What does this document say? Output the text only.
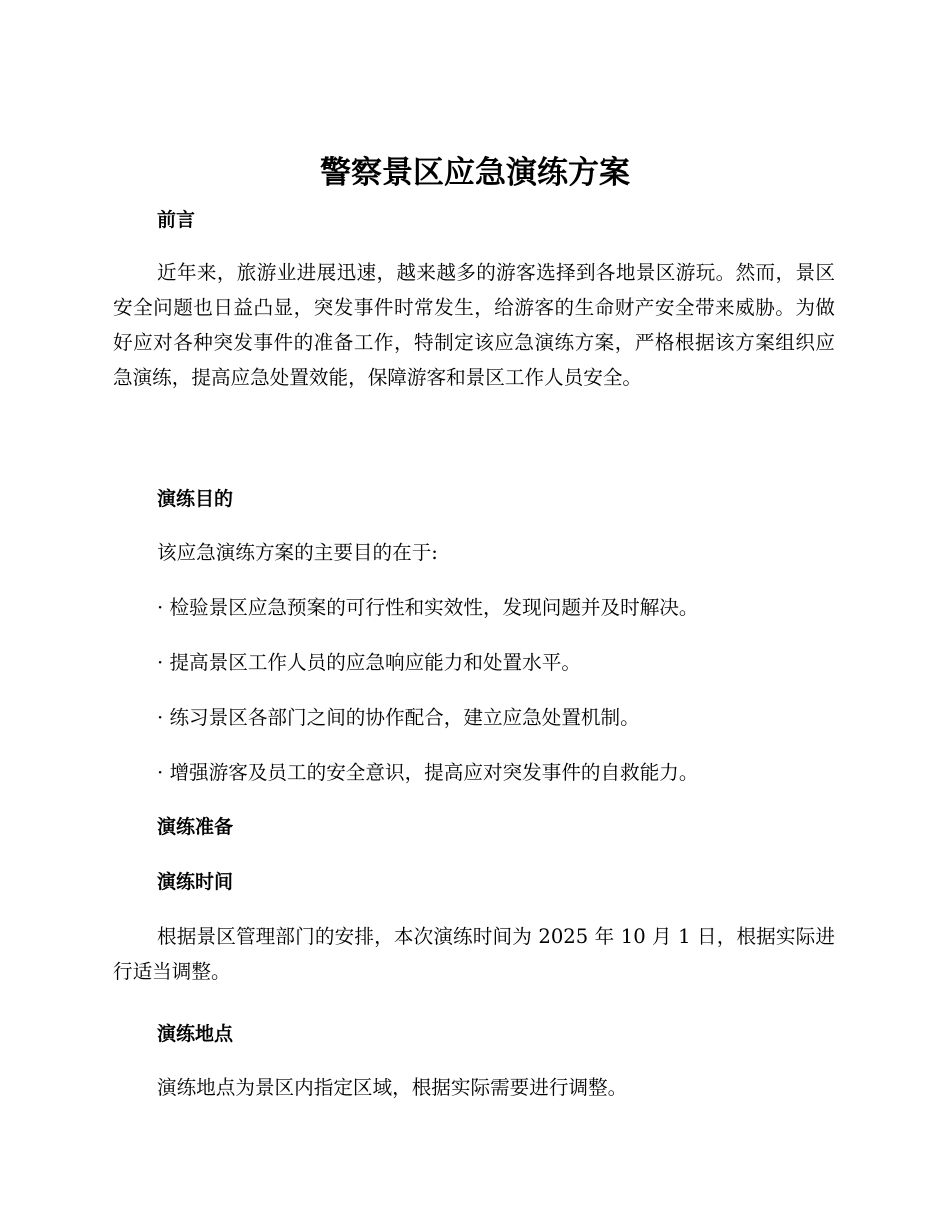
警察景区应急演练方案
前言

近年来，旅游业进展迅速，越来越多的游客选择到各地景区游玩。然而，景区安全问题也日益凸显，突发事件时常发生，给游客的生命财产安全带来威胁。为做好应对各种突发事件的准备工作，特制定该应急演练方案，严格根据该方案组织应急演练，提高应急处置效能，保障游客和景区工作人员安全。

演练目的

该应急演练方案的主要目的在于:

· 检验景区应急预案的可行性和实效性，发现问题并及时解决。

· 提高景区工作人员的应急响应能力和处置水平。

· 练习景区各部门之间的协作配合，建立应急处置机制。

· 增强游客及员工的安全意识，提高应对突发事件的自救能力。

演练准备
演练时间

根据景区管理部门的安排，本次演练时间为 2025 年 10 月 1 日，根据实际进行适当调整。

演练地点

演练地点为景区内指定区域，根据实际需要进行调整。
